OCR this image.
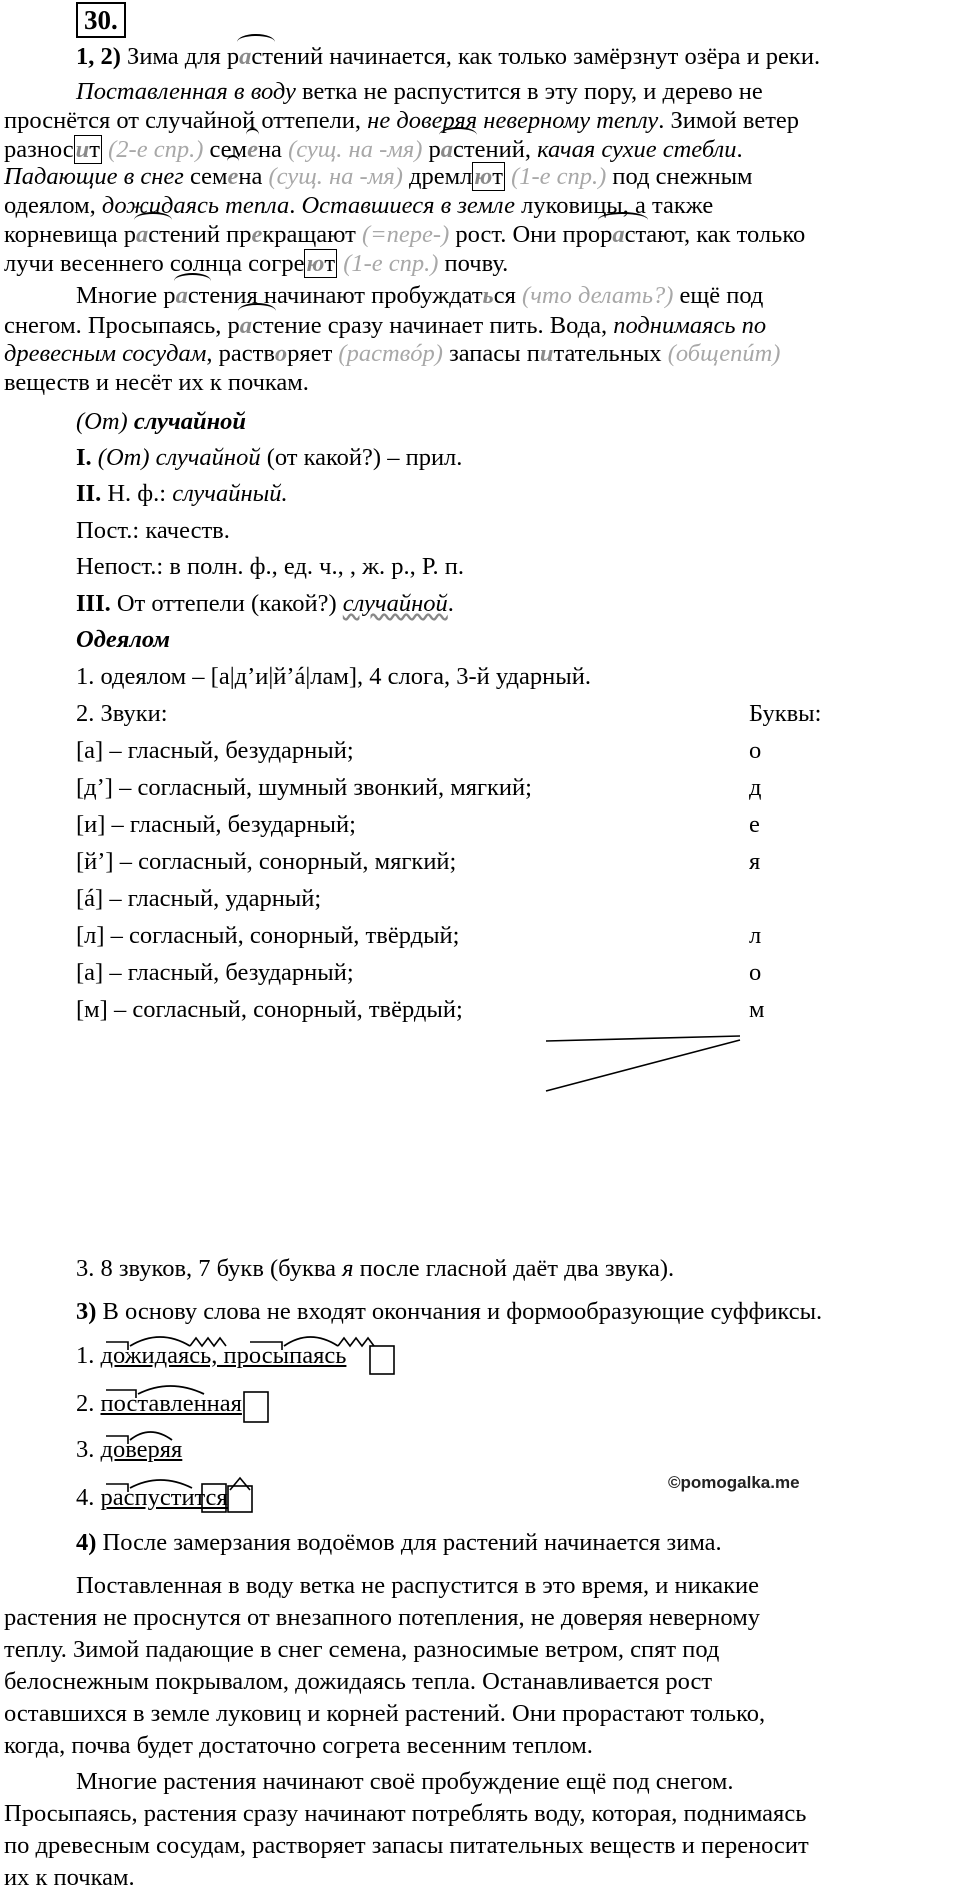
30.
1, 2) Зима для растений начинается, как только замёрзнут озёра и реки.
Поставленная в воду ветка не распустится в эту пору, и дерево не
проснётся от случайной оттепели, не доверяя неверному теплу. Зимой ветер
разносит (2-е спр.) семена (сущ. на -мя) растений, качая сухие стебли.
Падающие в снег семена (сущ. на -мя) дремлют (1-е спр.) под снежным
одеялом, дожидаясь тепла. Оставшиеся в земле луковицы, а также
корневища растений прекращают (=пере-) рост. Они прорастают, как только
лучи весеннего солнца согреют (1-е спр.) почву.
Многие растения начинают пробуждаться (что делать?) ещё под
снегом. Просыпаясь, растение сразу начинает пить. Вода, поднимаясь по
древесным сосудам, растворяет (раствóр) запасы питательных (общепúт)
веществ и несёт их к почкам.
(От) случайной
I. (От) случайной (от какой?) – прил.
II. Н. ф.: случайный.
Пост.: качеств.
Непост.: в полн. ф., ед. ч., , ж. р., Р. п.
III. От оттепели (какой?) случайной.
Одеялом
1. одеялом – [а|д’и|й’á|лам], 4 слога, 3-й ударный.
2. Звуки:	Буквы:
[а] – гласный, безударный;	о
[д’] – согласный, шумный звонкий, мягкий;	д
[и] – гласный, безударный;	е
[й’] – согласный, сонорный, мягкий;	я
[á] – гласный, ударный;
[л] – согласный, сонорный, твёрдый;	л
[а] – гласный, безударный;	о
[м] – согласный, сонорный, твёрдый;	м
3. 8 звуков, 7 букв (буква я после гласной даёт два звука).
3) В основу слова не входят окончания и формообразующие суффиксы.
1. дожидаясь, просыпаясь
2. поставленная
3. доверяя
4. распустится
©pomogalka.me
4) После замерзания водоёмов для растений начинается зима.
Поставленная в воду ветка не распустится в это время, и никакие
растения не проснутся от внезапного потепления, не доверяя неверному
теплу. Зимой падающие в снег семена, разносимые ветром, спят под
белоснежным покрывалом, дожидаясь тепла. Останавливается рост
оставшихся в земле луковиц и корней растений. Они прорастают только,
когда, почва будет достаточно согрета весенним теплом.
Многие растения начинают своё пробуждение ещё под снегом.
Просыпаясь, растения сразу начинают потреблять воду, которая, поднимаясь
по древесным сосудам, растворяет запасы питательных веществ и переносит
их к почкам.
